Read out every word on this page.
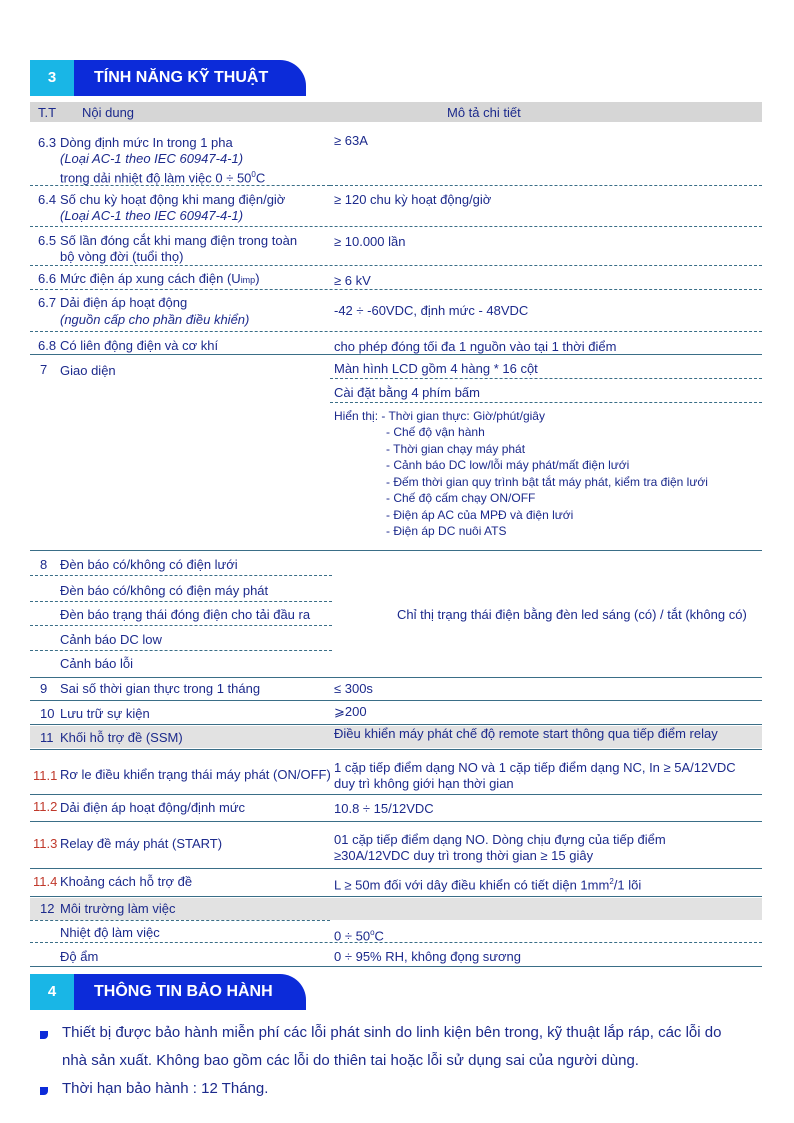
3	TÍNH NĂNG KỸ THUẬT
T.T Nội dung	Mô tả chi tiết
6.3 Dòng định mức In trong 1 pha
(Loại AC-1 theo IEC 60947-4-1)
trong dải nhiệt độ làm việc $0 \div 50^0C$
≥ 63A
6.4 Số chu kỳ hoạt động khi mang điện/giờ
(Loại AC-1 theo IEC 60947-4-1)
≥ 120 chu kỳ hoạt động/giờ
6.5 Số lần đóng cắt khi mang điện trong toàn
bộ vòng đời (tuổi thọ)
≥ 10.000 lần
6.6 Mức điện áp xung cách điện (Uimp)	≥ 6 kV
6.7 Dải điện áp hoạt động
(nguồn cấp cho phần điều khiển)
-42 ÷ -60VDC, định mức - 48VDC
6.8 Có liên động điện và cơ khí	cho phép đóng tối đa 1 nguồn vào tại 1 thời điểm
7 Giao diện	Màn hình LCD gồm 4 hàng * 16 cột
Cài đặt bằng 4 phím bấm
Hiển thị: - Thời gian thực: Giờ/phút/giây
- Chế độ vận hành
- Thời gian chạy máy phát
- Cảnh báo DC low/lỗi máy phát/mất điện lưới
- Đếm thời gian quy trình bật tắt máy phát, kiểm tra điện lưới
- Chế độ cấm chạy ON/OFF
- Điện áp AC của MPĐ và điện lưới
- Điện áp DC nuôi ATS
8 Đèn báo có/không có điện lưới
Đèn báo có/không có điện máy phát
Đèn báo trạng thái đóng điện cho tải đầu ra
Cảnh báo DC low
Cảnh báo lỗi
Chỉ thị trạng thái điện bằng đèn led sáng (có) / tắt (không có)
9 Sai số thời gian thực trong 1 tháng	≤ 300s
10 Lưu trữ sự kiện	⩾200
11 Khối hỗ trợ đề (SSM)	Điều khiển máy phát chế độ remote start thông qua tiếp điểm relay
11.1 Rơ le điều khiển trạng thái máy phát (ON/OFF) 1 cặp tiếp điểm dạng NO và 1 cặp tiếp điểm dạng NC, In ≥ 5A/12VDC
duy trì không giới hạn thời gian
11.2 Dải điện áp hoạt động/định mức	10.8 ÷ 15/12VDC
11.3 Relay đề máy phát (START)	01 cặp tiếp điểm dạng NO. Dòng chịu đựng của tiếp điểm
≥30A/12VDC duy trì trong thời gian ≥ 15 giây
11.4 Khoảng cách hỗ trợ đề	L ≥ 50m đối với dây điều khiển có tiết diện $1mm^2/1$ lõi
12 Môi trường làm việc
Nhiệt độ làm việc	$0 \div 50^oC$
Độ ẩm	0 ÷ 95% RH, không đọng sương
4	THÔNG TIN BẢO HÀNH
Thiết bị được bảo hành miễn phí các lỗi phát sinh do linh kiện bên trong, kỹ thuật lắp ráp, các lỗi do
nhà sản xuất. Không bao gồm các lỗi do thiên tai hoặc lỗi sử dụng sai của người dùng.
Thời hạn bảo hành : 12 Tháng.
